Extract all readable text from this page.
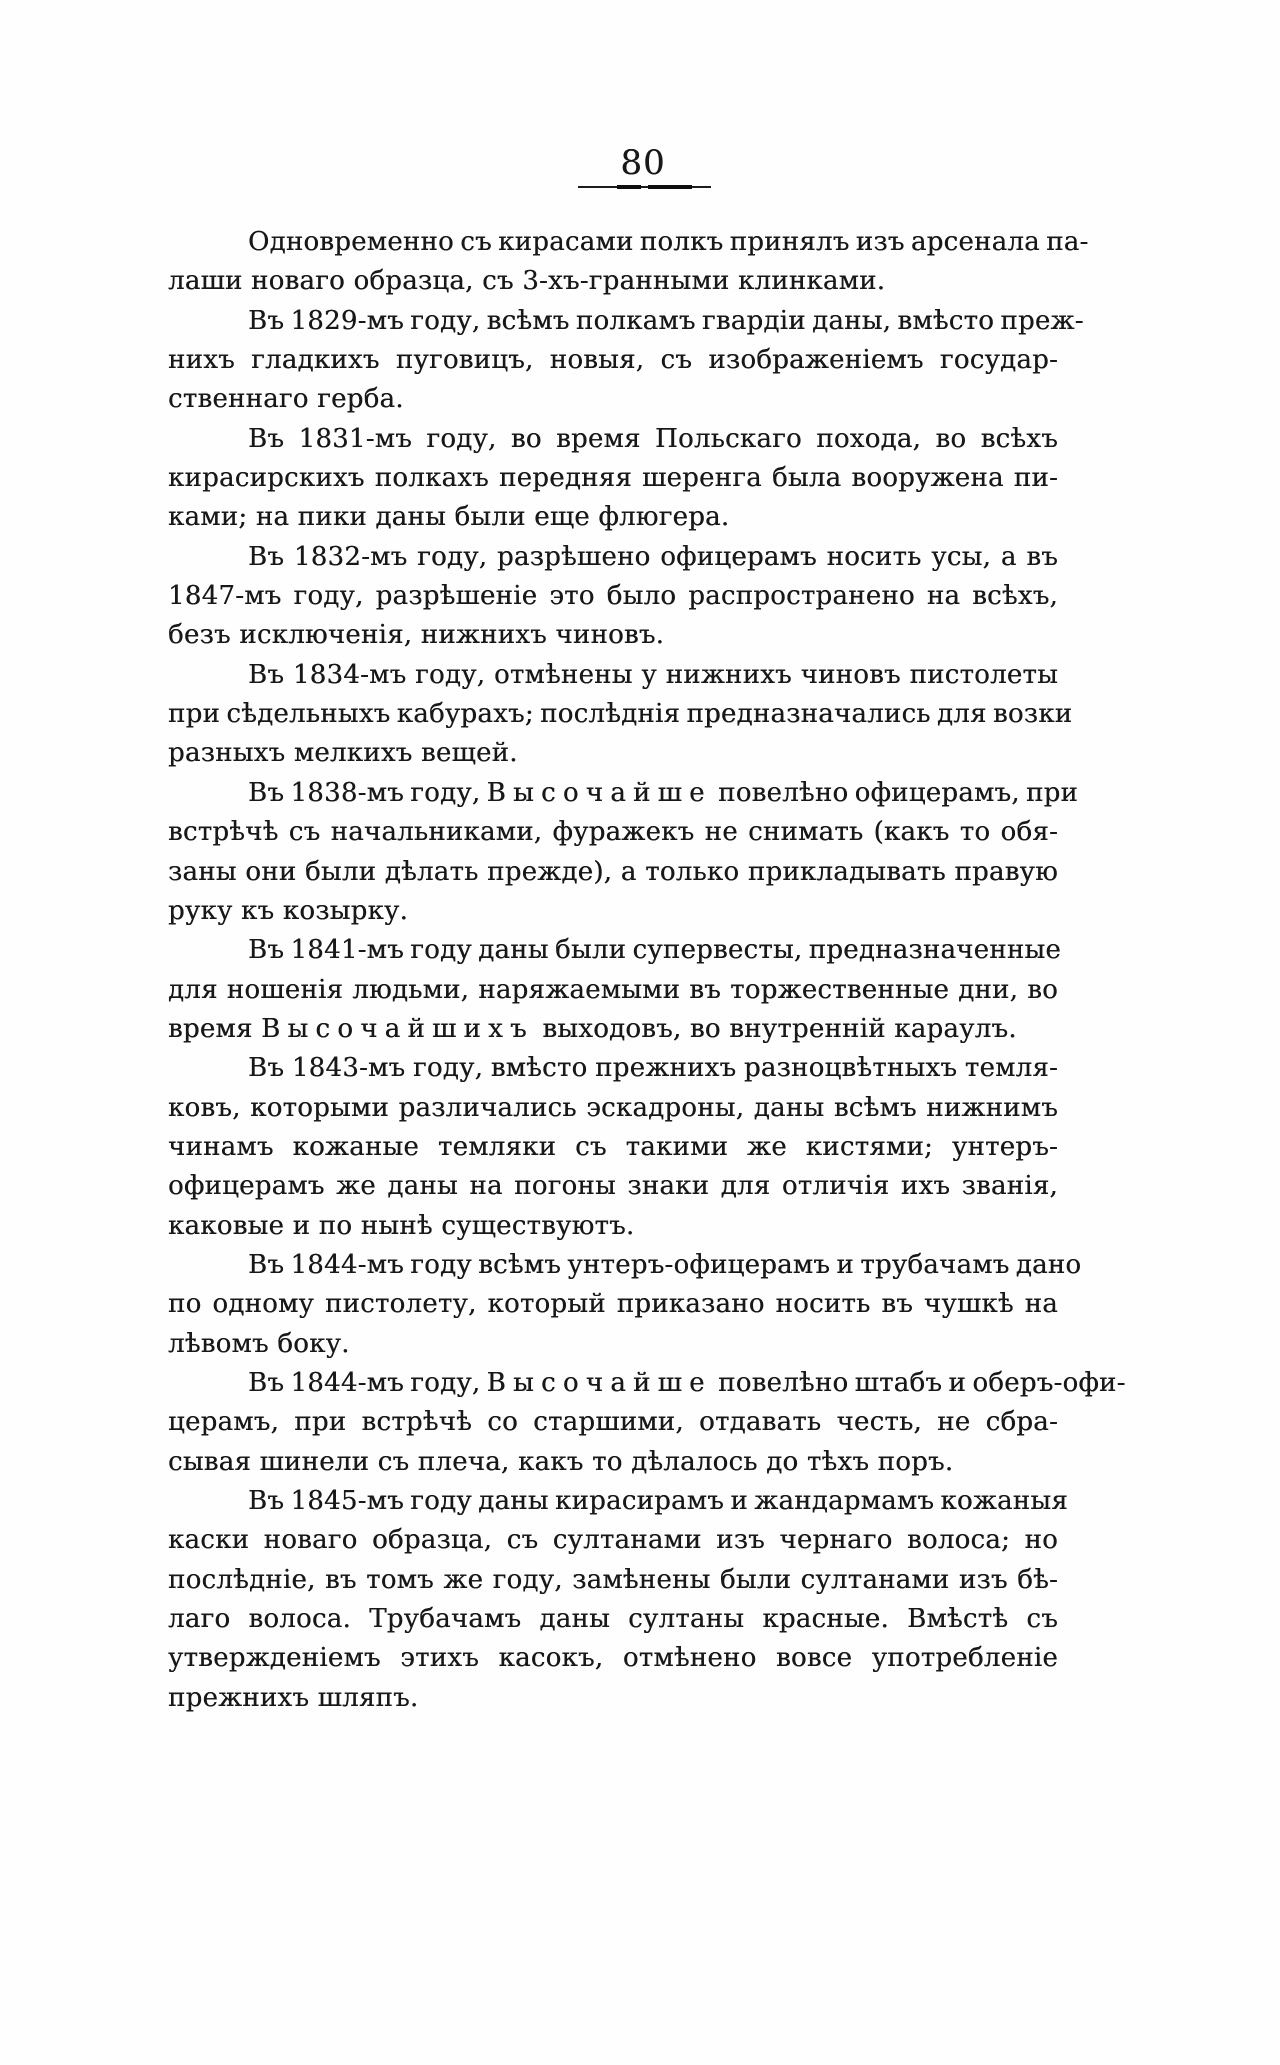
80
Одновременно съ кирасами полкъ принялъ изъ арсенала па-
лаши новаго образца, съ 3-хъ-гранными клинками.
Въ 1829-мъ году, всѣмъ полкамъ гвардіи даны, вмѣсто преж-
нихъ гладкихъ пуговицъ, новыя, съ изображеніемъ государ-
ственнаго герба.
Въ 1831-мъ году, во время Польскаго похода, во всѣхъ
кирасирскихъ полкахъ передняя шеренга была вооружена пи-
ками; на пики даны были еще флюгера.
Въ 1832-мъ году, разрѣшено офицерамъ носить усы, а въ
1847-мъ году, разрѣшеніе это было распространено на всѣхъ,
безъ исключенія, нижнихъ чиновъ.
Въ 1834-мъ году, отмѣнены у нижнихъ чиновъ пистолеты
при сѣдельныхъ кабурахъ; послѣднія предназначались для возки
разныхъ мелкихъ вещей.
Въ 1838-мъ году, Высочайше повелѣно офицерамъ, при
встрѣчѣ съ начальниками, фуражекъ не снимать (какъ то обя-
заны они были дѣлать прежде), а только прикладывать правую
руку къ козырку.
Въ 1841-мъ году даны были супервесты, предназначенные
для ношенія людьми, наряжаемыми въ торжественные дни, во
время Высочайшихъ выходовъ, во внутренній караулъ.
Въ 1843-мъ году, вмѣсто прежнихъ разноцвѣтныхъ темля-
ковъ, которыми различались эскадроны, даны всѣмъ нижнимъ
чинамъ кожаные темляки съ такими же кистями; унтеръ-
офицерамъ же даны на погоны знаки для отличія ихъ званія,
каковые и по нынѣ существуютъ.
Въ 1844-мъ году всѣмъ унтеръ-офицерамъ и трубачамъ дано
по одному пистолету, который приказано носить въ чушкѣ на
лѣвомъ боку.
Въ 1844-мъ году, Высочайше повелѣно штабъ и оберъ-офи-
церамъ, при встрѣчѣ со старшими, отдавать честь, не сбра-
сывая шинели съ плеча, какъ то дѣлалось до тѣхъ поръ.
Въ 1845-мъ году даны кирасирамъ и жандармамъ кожаныя
каски новаго образца, съ султанами изъ чернаго волоса; но
послѣдніе, въ томъ же году, замѣнены были султанами изъ бѣ-
лаго волоса. Трубачамъ даны султаны красные. Вмѣстѣ съ
утвержденіемъ этихъ касокъ, отмѣнено вовсе употребленіе
прежнихъ шляпъ.
